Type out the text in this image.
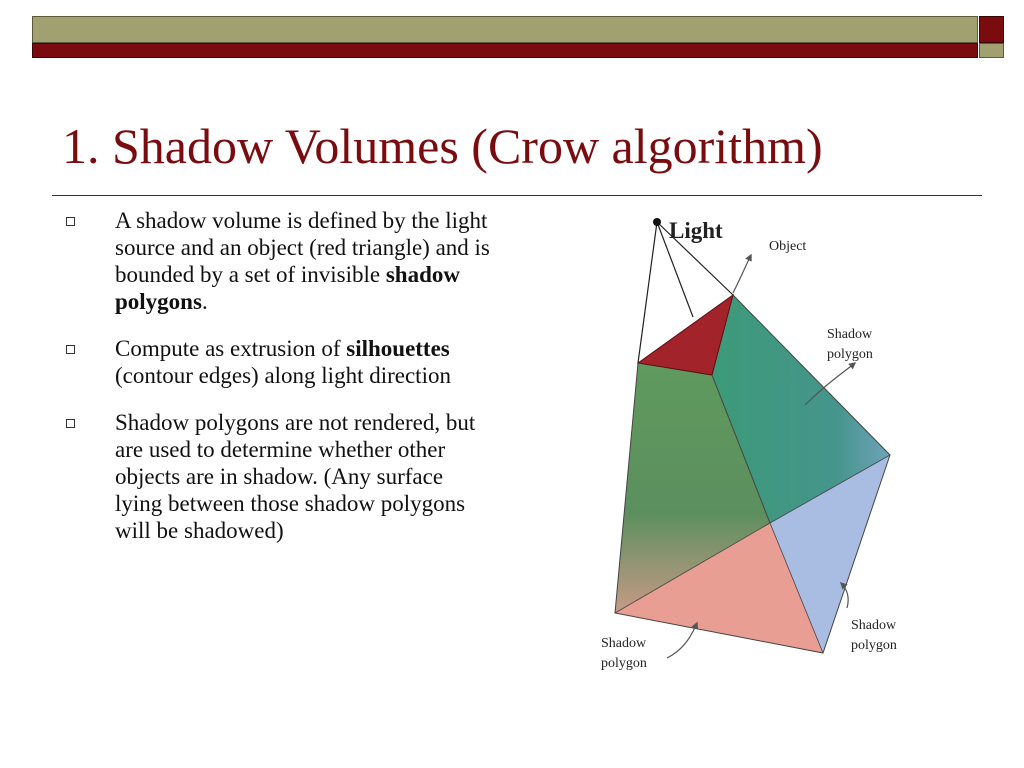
1. Shadow Volumes (Crow algorithm)
A shadow volume is defined by the light source and an object (red triangle) and is bounded by a set of invisible shadow polygons.
Compute as extrusion of silhouettes (contour edges) along light direction
Shadow polygons are not rendered, but are used to determine whether other objects are in shadow. (Any surface lying between those shadow polygons will be shadowed)
Light
Object
Shadow polygon
Shadow polygon
Shadow polygon
